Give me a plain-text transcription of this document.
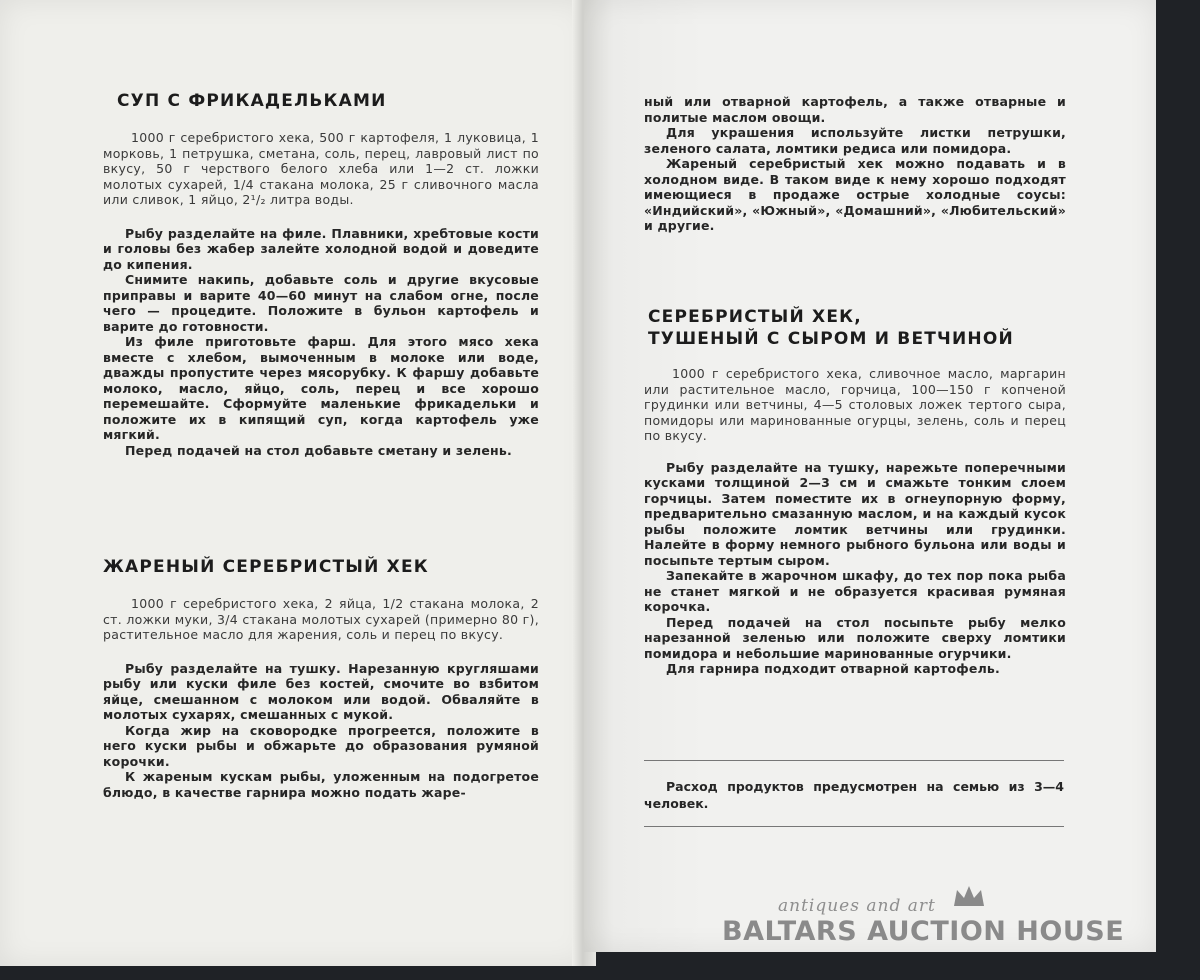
СУП С ФРИКАДЕЛЬКАМИ

1000 г серебристого хека, 500 г картофеля, 1 луковица, 1 морковь, 1 петрушка, сметана, соль, перец, лавровый лист по вкусу, 50 г черствого белого хлеба или 1—2 ст. ложки молотых сухарей, 1/4 стакана молока, 25 г сливочного масла или сливок, 1 яйцо, 2¹/₂ литра воды.

Рыбу разделайте на филе. Плавники, хребтовые кости и головы без жабер залейте холодной водой и доведите до кипения.

Снимите накипь, добавьте соль и другие вкусовые приправы и варите 40—60 минут на слабом огне, после чего — процедите. Положите в бульон картофель и варите до готовности.

Из филе приготовьте фарш. Для этого мясо хека вместе с хлебом, вымоченным в молоке или воде, дважды пропустите через мясорубку. К фаршу добавьте молоко, масло, яйцо, соль, перец и все хорошо перемешайте. Сформуйте маленькие фрикадельки и положите их в кипящий суп, когда картофель уже мягкий.

Перед подачей на стол добавьте сметану и зелень.

ЖАРЕНЫЙ СЕРЕБРИСТЫЙ ХЕК

1000 г серебристого хека, 2 яйца, 1/2 стакана молока, 2 ст. ложки муки, 3/4 стакана молотых сухарей (примерно 80 г), растительное масло для жарения, соль и перец по вкусу.

Рыбу разделайте на тушку. Нарезанную кругляшами рыбу или куски филе без костей, смочите во взбитом яйце, смешанном с молоком или водой. Обваляйте в молотых сухарях, смешанных с мукой.

Когда жир на сковородке прогреется, положите в него куски рыбы и обжарьте до образования румяной корочки.

К жареным кускам рыбы, уложенным на подогретое блюдо, в качестве гарнира можно подать жаре-

ный или отварной картофель, а также отварные и политые маслом овощи.

Для украшения используйте листки петрушки, зеленого салата, ломтики редиса или помидора.

Жареный серебристый хек можно подавать и в холодном виде. В таком виде к нему хорошо подходят имеющиеся в продаже острые холодные соусы: «Индийский», «Южный», «Домашний», «Любительский» и другие.

СЕРЕБРИСТЫЙ ХЕК,
ТУШЕНЫЙ С СЫРОМ И ВЕТЧИНОЙ

1000 г серебристого хека, сливочное масло, маргарин или растительное масло, горчица, 100—150 г копченой грудинки или ветчины, 4—5 столовых ложек тертого сыра, помидоры или маринованные огурцы, зелень, соль и перец по вкусу.

Рыбу разделайте на тушку, нарежьте поперечными кусками толщиной 2—3 см и смажьте тонким слоем горчицы. Затем поместите их в огнеупорную форму, предварительно смазанную маслом, и на каждый кусок рыбы положите ломтик ветчины или грудинки. Налейте в форму немного рыбного бульона или воды и посыпьте тертым сыром.

Запекайте в жарочном шкафу, до тех пор пока рыба не станет мягкой и не образуется красивая румяная корочка.

Перед подачей на стол посыпьте рыбу мелко нарезанной зеленью или положите сверху ломтики помидора и небольшие маринованные огурчики.

Для гарнира подходит отварной картофель.

Расход продуктов предусмотрен на семью из 3—4 человек.
antiques and art
BALTARS AUCTION HOUSE
